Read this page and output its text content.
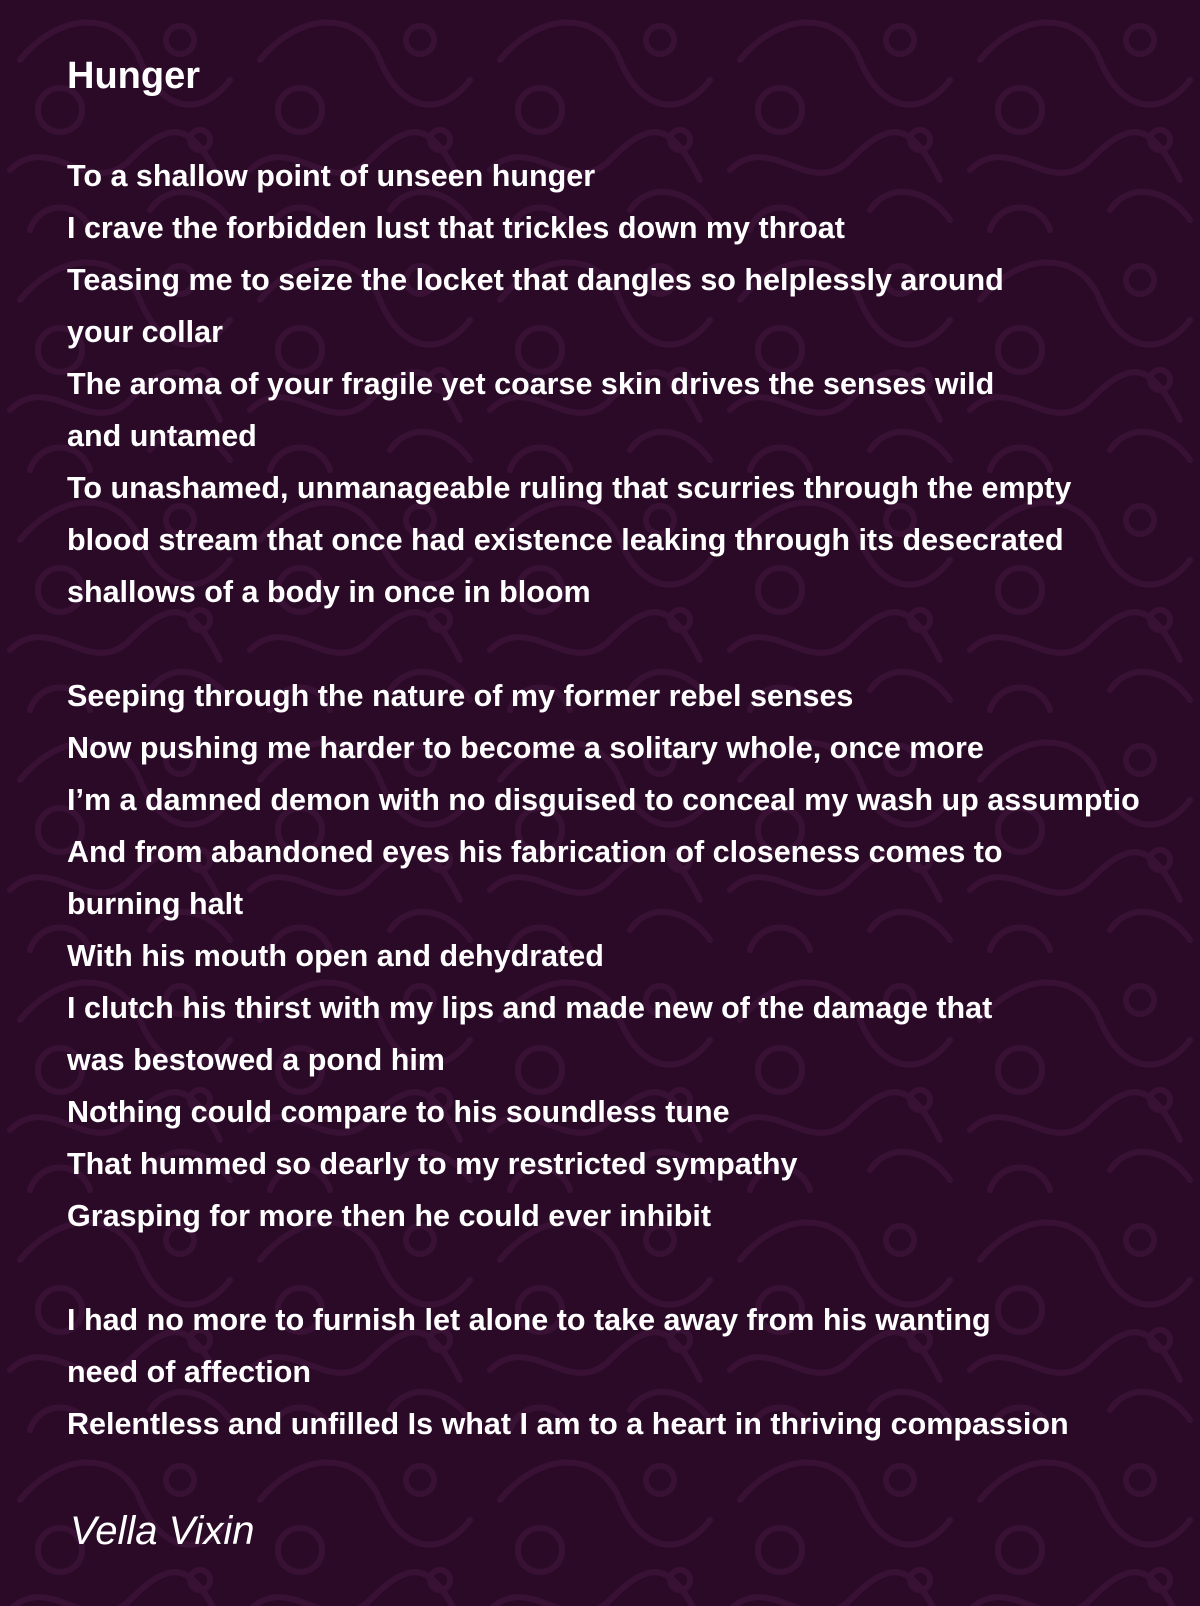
Hunger
To a shallow point of unseen hunger
I crave the forbidden lust that trickles down my throat
Teasing me to seize the locket that dangles so helplessly around
your collar
The aroma of your fragile yet coarse skin drives the senses wild
and untamed
To unashamed, unmanageable ruling that scurries through the empty
blood stream that once had existence leaking through its desecrated
shallows of a body in once in bloom
Seeping through the nature of my former rebel senses
Now pushing me harder to become a solitary whole, once more
I’m a damned demon with no disguised to conceal my wash up assumptio
And from abandoned eyes his fabrication of closeness comes to
burning halt
With his mouth open and dehydrated
I clutch his thirst with my lips and made new of the damage that
was bestowed a pond him
Nothing could compare to his soundless tune
That hummed so dearly to my restricted sympathy
Grasping for more then he could ever inhibit
I had no more to furnish let alone to take away from his wanting
need of affection
Relentless and unfilled Is what I am to a heart in thriving compassion

Vella Vixin
